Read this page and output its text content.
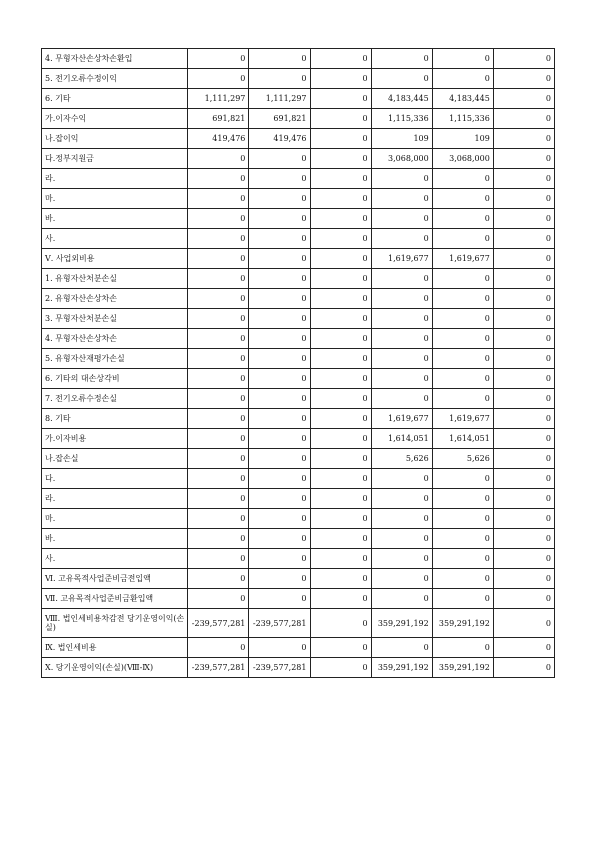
4. 무형자산손상차손환입	0	0	0	0	0	0
5. 전기오류수정이익	0	0	0	0	0	0
6. 기타	1,111,297	1,111,297	0	4,183,445	4,183,445	0
가.이자수익	691,821	691,821	0	1,115,336	1,115,336	0
나.잡이익	419,476	419,476	0	109	109	0
다.정부지원금	0	0	0	3,068,000	3,068,000	0
라.	0	0	0	0	0	0
마.	0	0	0	0	0	0
바.	0	0	0	0	0	0
사.	0	0	0	0	0	0
Ⅴ. 사업외비용	0	0	0	1,619,677	1,619,677	0
1. 유형자산처분손실	0	0	0	0	0	0
2. 유형자산손상차손	0	0	0	0	0	0
3. 무형자산처분손실	0	0	0	0	0	0
4. 무형자산손상차손	0	0	0	0	0	0
5. 유형자산재평가손실	0	0	0	0	0	0
6. 기타의 대손상각비	0	0	0	0	0	0
7. 전기오류수정손실	0	0	0	0	0	0
8. 기타	0	0	0	1,619,677	1,619,677	0
가.이자비용	0	0	0	1,614,051	1,614,051	0
나.잡손실	0	0	0	5,626	5,626	0
다.	0	0	0	0	0	0
라.	0	0	0	0	0	0
마.	0	0	0	0	0	0
바.	0	0	0	0	0	0
사.	0	0	0	0	0	0
Ⅵ. 고유목적사업준비금전입액	0	0	0	0	0	0
Ⅶ. 고유목적사업준비금환입액	0	0	0	0	0	0
Ⅷ. 법인세비용차감전 당기운영이익(손실)	-239,577,281	-239,577,281	0	359,291,192	359,291,192	0
Ⅸ. 법인세비용	0	0	0	0	0	0
Ⅹ. 당기운영이익(손실)(Ⅷ-Ⅸ)	-239,577,281	-239,577,281	0	359,291,192	359,291,192	0
